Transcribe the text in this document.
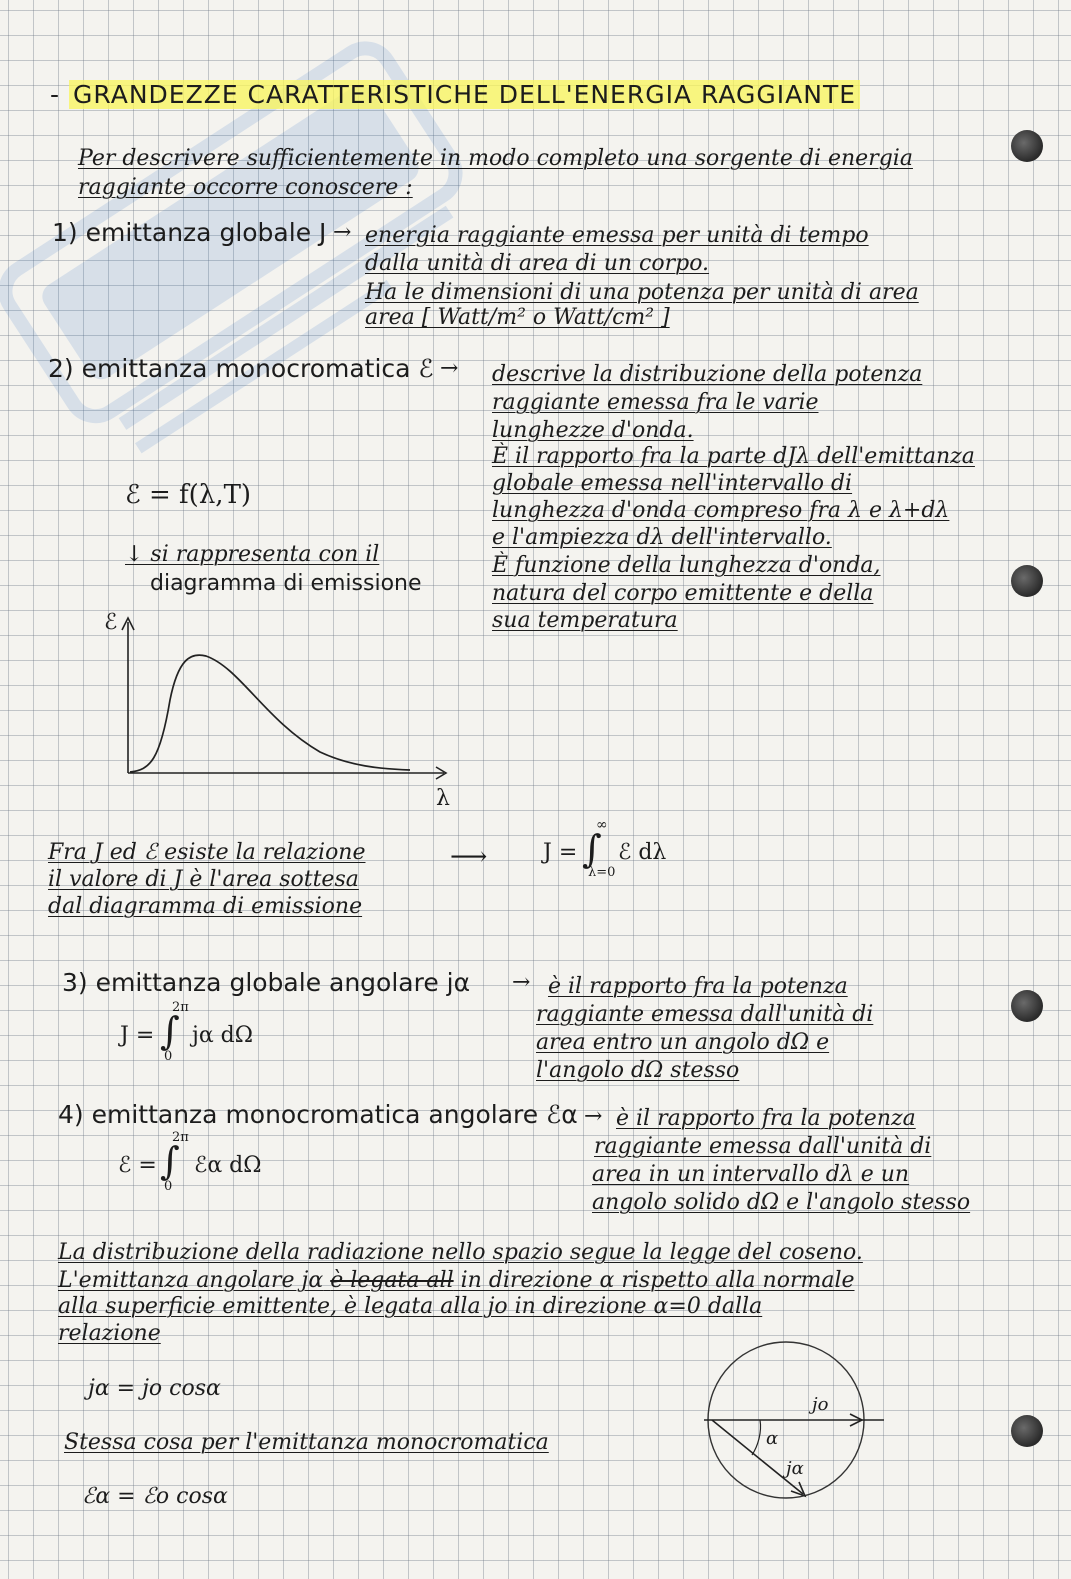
- GRANDEZZE CARATTERISTICHE DELL'ENERGIA RAGGIANTE
Per descrivere sufficientemente in modo completo una sorgente di energia
raggiante occorre conoscere :
1) emittanza globale J → energia raggiante emessa per unità di tempo
dalla unità di area di un corpo.
Ha le dimensioni di una potenza per unità di area
area [ Watt/m² o Watt/cm² ]
2) emittanza monocromatica ℰ → descrive la distribuzione della potenza
raggiante emessa fra le varie
lunghezze d'onda.
È il rapporto fra la parte dJλ dell'emittanza
globale emessa nell'intervallo di
lunghezza d'onda compreso fra λ e λ+dλ
e l'ampiezza dλ dell'intervallo.
È funzione della lunghezza d'onda,
natura del corpo emittente e della
sua temperatura
ℰ = f(λ,T)
↓ si rappresenta con il
diagramma di emissione
ℰ
λ
Fra J ed ℰ esiste la relazione
il valore di J è l'area sottesa
dal diagramma di emissione
⟶	J = ∫
∞
λ=0
ℰ dλ
3) emittanza globale angolare jα → è il rapporto fra la potenza
raggiante emessa dall'unità di
area entro un angolo dΩ e
l'angolo dΩ stesso
J = ∫
2π
0
jα dΩ
4) emittanza monocromatica angolare ℰα → è il rapporto fra la potenza
raggiante emessa dall'unità di
area in un intervallo dλ e un
angolo solido dΩ e l'angolo stesso
ℰ = ∫
2π
0
ℰα dΩ
La distribuzione della radiazione nello spazio segue la legge del coseno.
L'emittanza angolare jα è legata all in direzione α rispetto alla normale
alla superficie emittente, è legata alla jo in direzione α=0 dalla
relazione
jα = jo cosα
Stessa cosa per l'emittanza monocromatica
ℰα = ℰo cosα
jo
α
jα
